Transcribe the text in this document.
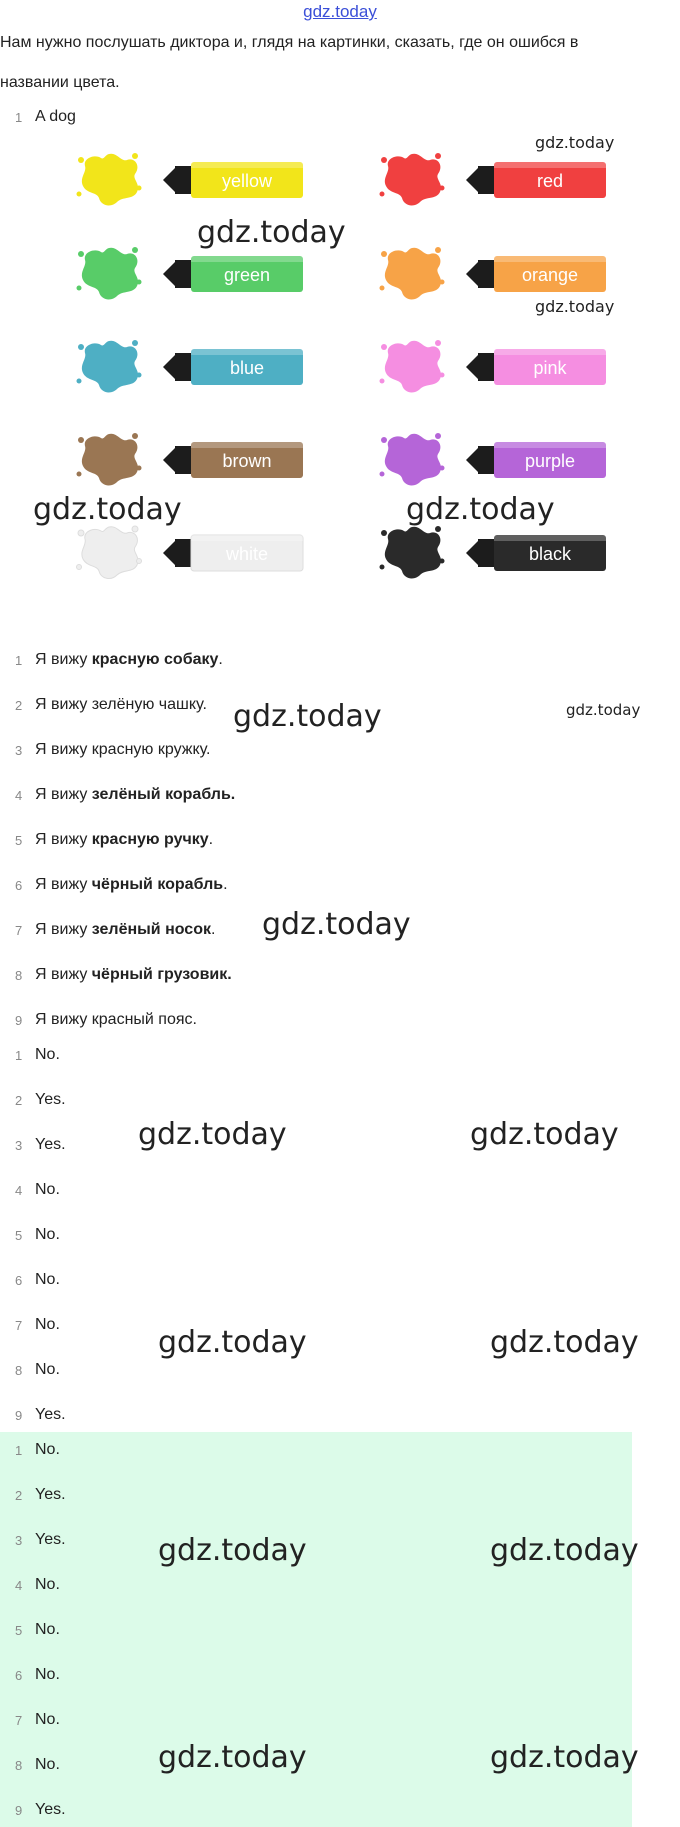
gdz.today
Нам нужно послушать диктора и, глядя на картинки, сказать, где он ошибся в
названии цвета.
1 A dog
yellow	red
green	orange
blue	pink
brown	purple
white	black
1 Я вижу красную собаку.
2 Я вижу зелёную чашку.
3 Я вижу красную кружку.
4 Я вижу зелёный корабль.
5 Я вижу красную ручку.
6 Я вижу чёрный корабль.
7 Я вижу зелёный носок.
8 Я вижу чёрный грузовик.
9 Я вижу красный пояс.
1 No.
2 Yes.
3 Yes.
4 No.
5 No.
6 No.
7 No.
8 No.
9 Yes.
1 No.
2 Yes.
3 Yes.
4 No.
5 No.
6 No.
7 No.
8 No.
9 Yes.
gdz.today
gdz.today
gdz.today
gdz.today	gdz.today
gdz.today	gdz.today
gdz.today
gdz.today	gdz.today
gdz.today	gdz.today
gdz.today	gdz.today
gdz.today	gdz.today
